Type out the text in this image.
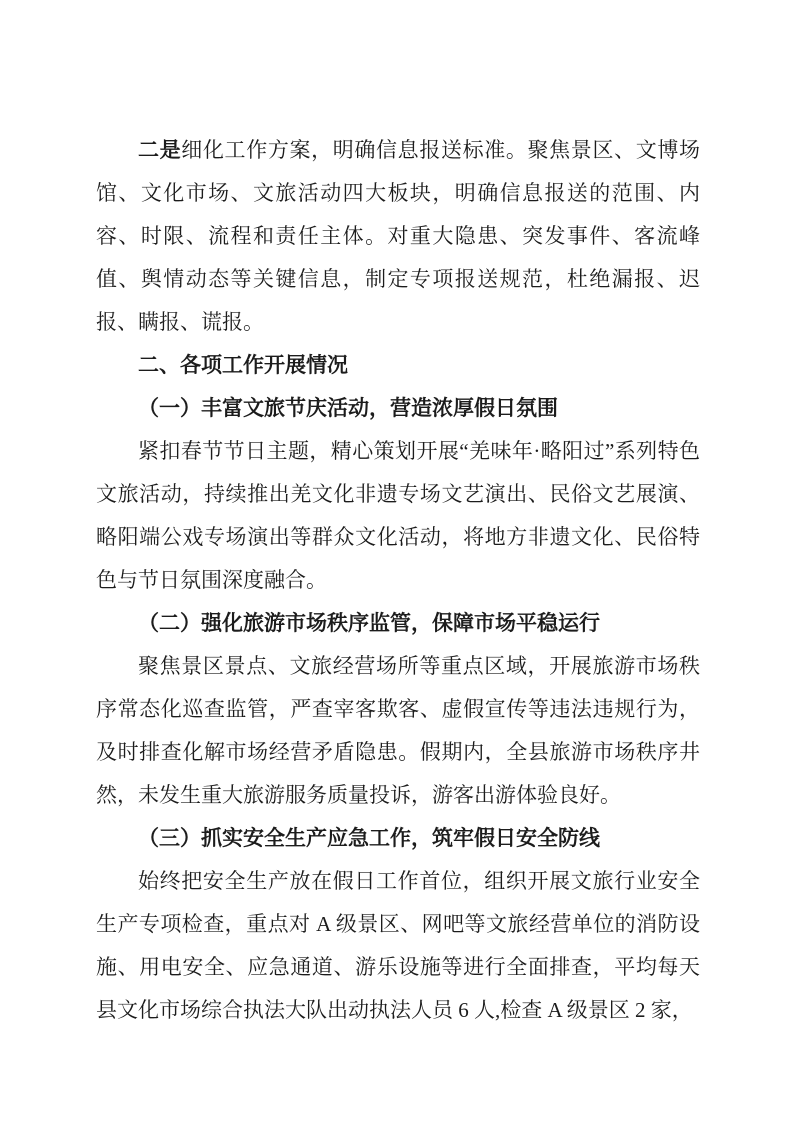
二是细化工作方案，明确信息报送标准。聚焦景区、文博场馆、文化市场、文旅活动四大板块，明确信息报送的范围、内容、时限、流程和责任主体。对重大隐患、突发事件、客流峰值、舆情动态等关键信息，制定专项报送规范，杜绝漏报、迟报、瞒报、谎报。

二、各项工作开展情况
（一）丰富文旅节庆活动，营造浓厚假日氛围

紧扣春节节日主题，精心策划开展“羌味年·略阳过”系列特色文旅活动，持续推出羌文化非遗专场文艺演出、民俗文艺展演、略阳端公戏专场演出等群众文化活动，将地方非遗文化、民俗特色与节日氛围深度融合。

（二）强化旅游市场秩序监管，保障市场平稳运行

聚焦景区景点、文旅经营场所等重点区域，开展旅游市场秩序常态化巡查监管，严查宰客欺客、虚假宣传等违法违规行为，及时排查化解市场经营矛盾隐患。假期内，全县旅游市场秩序井然，未发生重大旅游服务质量投诉，游客出游体验良好。

（三）抓实安全生产应急工作，筑牢假日安全防线

始终把安全生产放在假日工作首位，组织开展文旅行业安全生产专项检查，重点对 A 级景区、网吧等文旅经营单位的消防设施、用电安全、应急通道、游乐设施等进行全面排查，平均每天县文化市场综合执法大队出动执法人员 6 人,检查 A 级景区 2 家，
